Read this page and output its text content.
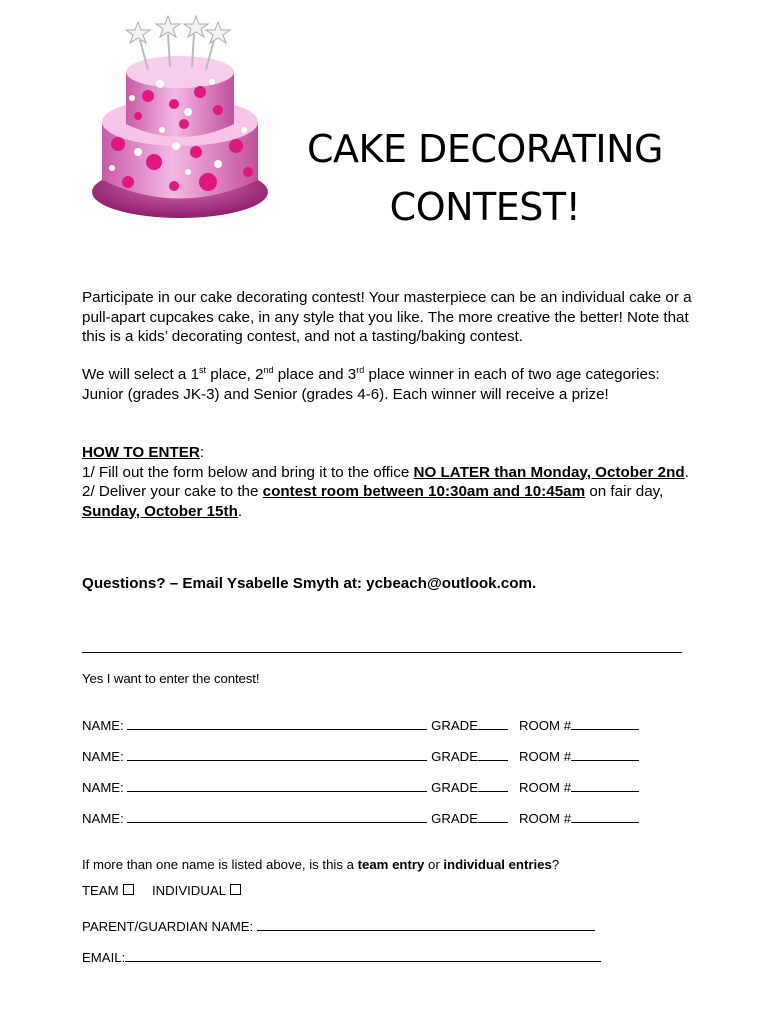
CAKE DECORATING
CONTEST!
Participate in our cake decorating contest! Your masterpiece can be an individual cake or a pull-apart cupcakes cake, in any style that you like. The more creative the better! Note that this is a kids’ decorating contest, and not a tasting/baking contest.
We will select a 1st place, 2nd place and 3rd place winner in each of two age categories: Junior (grades JK-3) and Senior (grades 4-6). Each winner will receive a prize!
HOW TO ENTER:
1/ Fill out the form below and bring it to the office NO LATER than Monday, October 2nd.
2/ Deliver your cake to the contest room between 10:30am and 10:45am on fair day, Sunday, October 15th.
Questions? – Email Ysabelle Smyth at: ycbeach@outlook.com.
Yes I want to enter the contest!
NAME:	GRADE	ROOM #
NAME:	GRADE	ROOM #
NAME:	GRADE	ROOM #
NAME:	GRADE	ROOM #
If more than one name is listed above, is this a team entry or individual entries?
TEAM	INDIVIDUAL
PARENT/GUARDIAN NAME:
EMAIL:
